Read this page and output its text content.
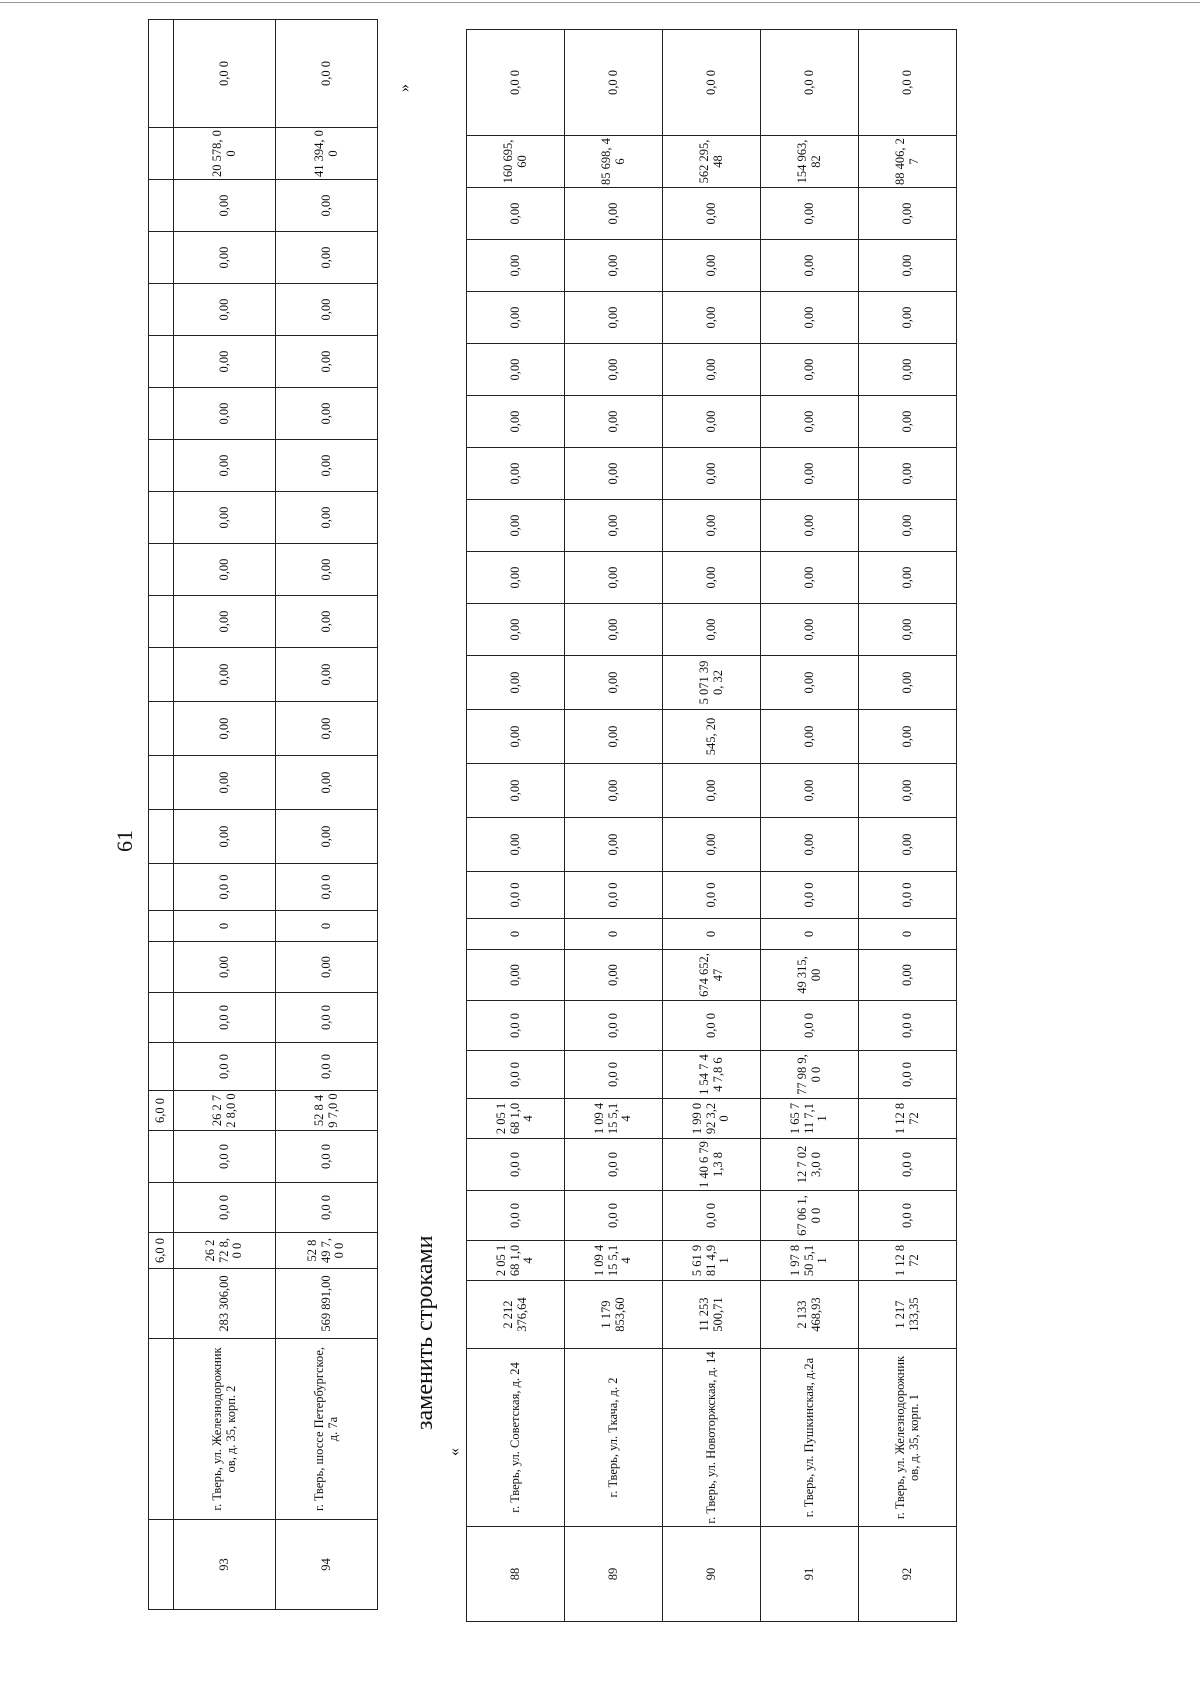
61
»
заменить строками
«
			6,0 0			6,0 0																				
93	г. Тверь, ул. Железнодорожник ов, д. 35, корп. 2	283 306,00	26 2 72 8,0 0	0,0 0	0,0 0	26 2 72 8,0 0	0,0 0	0,0 0	0,00	0	0,0 0	0,00	0,00	0,00	0,00	0,00	0,00	0,00	0,00	0,00	0,00	0,00	0,00	0,00	20 578, 00	0,0 0
94	г. Тверь, шоссе Петербургское, д. 7а	569 891,00	52 8 49 7,0 0	0,0 0	0,0 0	52 8 49 7,0 0	0,0 0	0,0 0	0,00	0	0,0 0	0,00	0,00	0,00	0,00	0,00	0,00	0,00	0,00	0,00	0,00	0,00	0,00	0,00	41 394, 00	0,0 0
88	г. Тверь, ул. Советская, д. 24	2 212 376,64	2 05 1 68 1,0 4	0,0 0	0,0 0	2 05 1 68 1,0 4	0,0 0	0,0 0	0,00	0	0,0 0	0,00	0,00	0,00	0,00	0,00	0,00	0,00	0,00	0,00	0,00	0,00	0,00	0,00	160 695, 60	0,0 0
89	г. Тверь, ул. Ткача, д. 2	1 179 853,60	1 09 4 15 5,1 4	0,0 0	0,0 0	1 09 4 15 5,1 4	0,0 0	0,0 0	0,00	0	0,0 0	0,00	0,00	0,00	0,00	0,00	0,00	0,00	0,00	0,00	0,00	0,00	0,00	0,00	85 698, 46	0,0 0
90	г. Тверь, ул. Новоторжская, д. 14	11 253 500,71	5 61 9 81 4,9 1	0,0 0	1 40 6 79 1,3 8	1 99 0 92 3,2 0	1 54 7 44 7,8 6	0,0 0	674 652, 47	0	0,0 0	0,00	0,00	545, 20	5 071 390, 32	0,00	0,00	0,00	0,00	0,00	0,00	0,00	0,00	0,00	562 295, 48	0,0 0
91	г. Тверь, ул. Пушкинская, д.2а	2 133 468,93	1 97 8 50 5,1 1	67 06 1,0 0	12 7 02 3,0 0	1 65 7 11 7,1 1	77 98 9,0 0	0,0 0	49 315, 00	0	0,0 0	0,00	0,00	0,00	0,00	0,00	0,00	0,00	0,00	0,00	0,00	0,00	0,00	0,00	154 963, 82	0,0 0
92	г. Тверь, ул. Железнодорожник ов, д. 35, корп. 1	1 217 133,35	1 12 8 72	0,0 0	0,0 0	1 12 8 72	0,0 0	0,0 0	0,00	0	0,0 0	0,00	0,00	0,00	0,00	0,00	0,00	0,00	0,00	0,00	0,00	0,00	0,00	0,00	88 406, 27	0,0 0
